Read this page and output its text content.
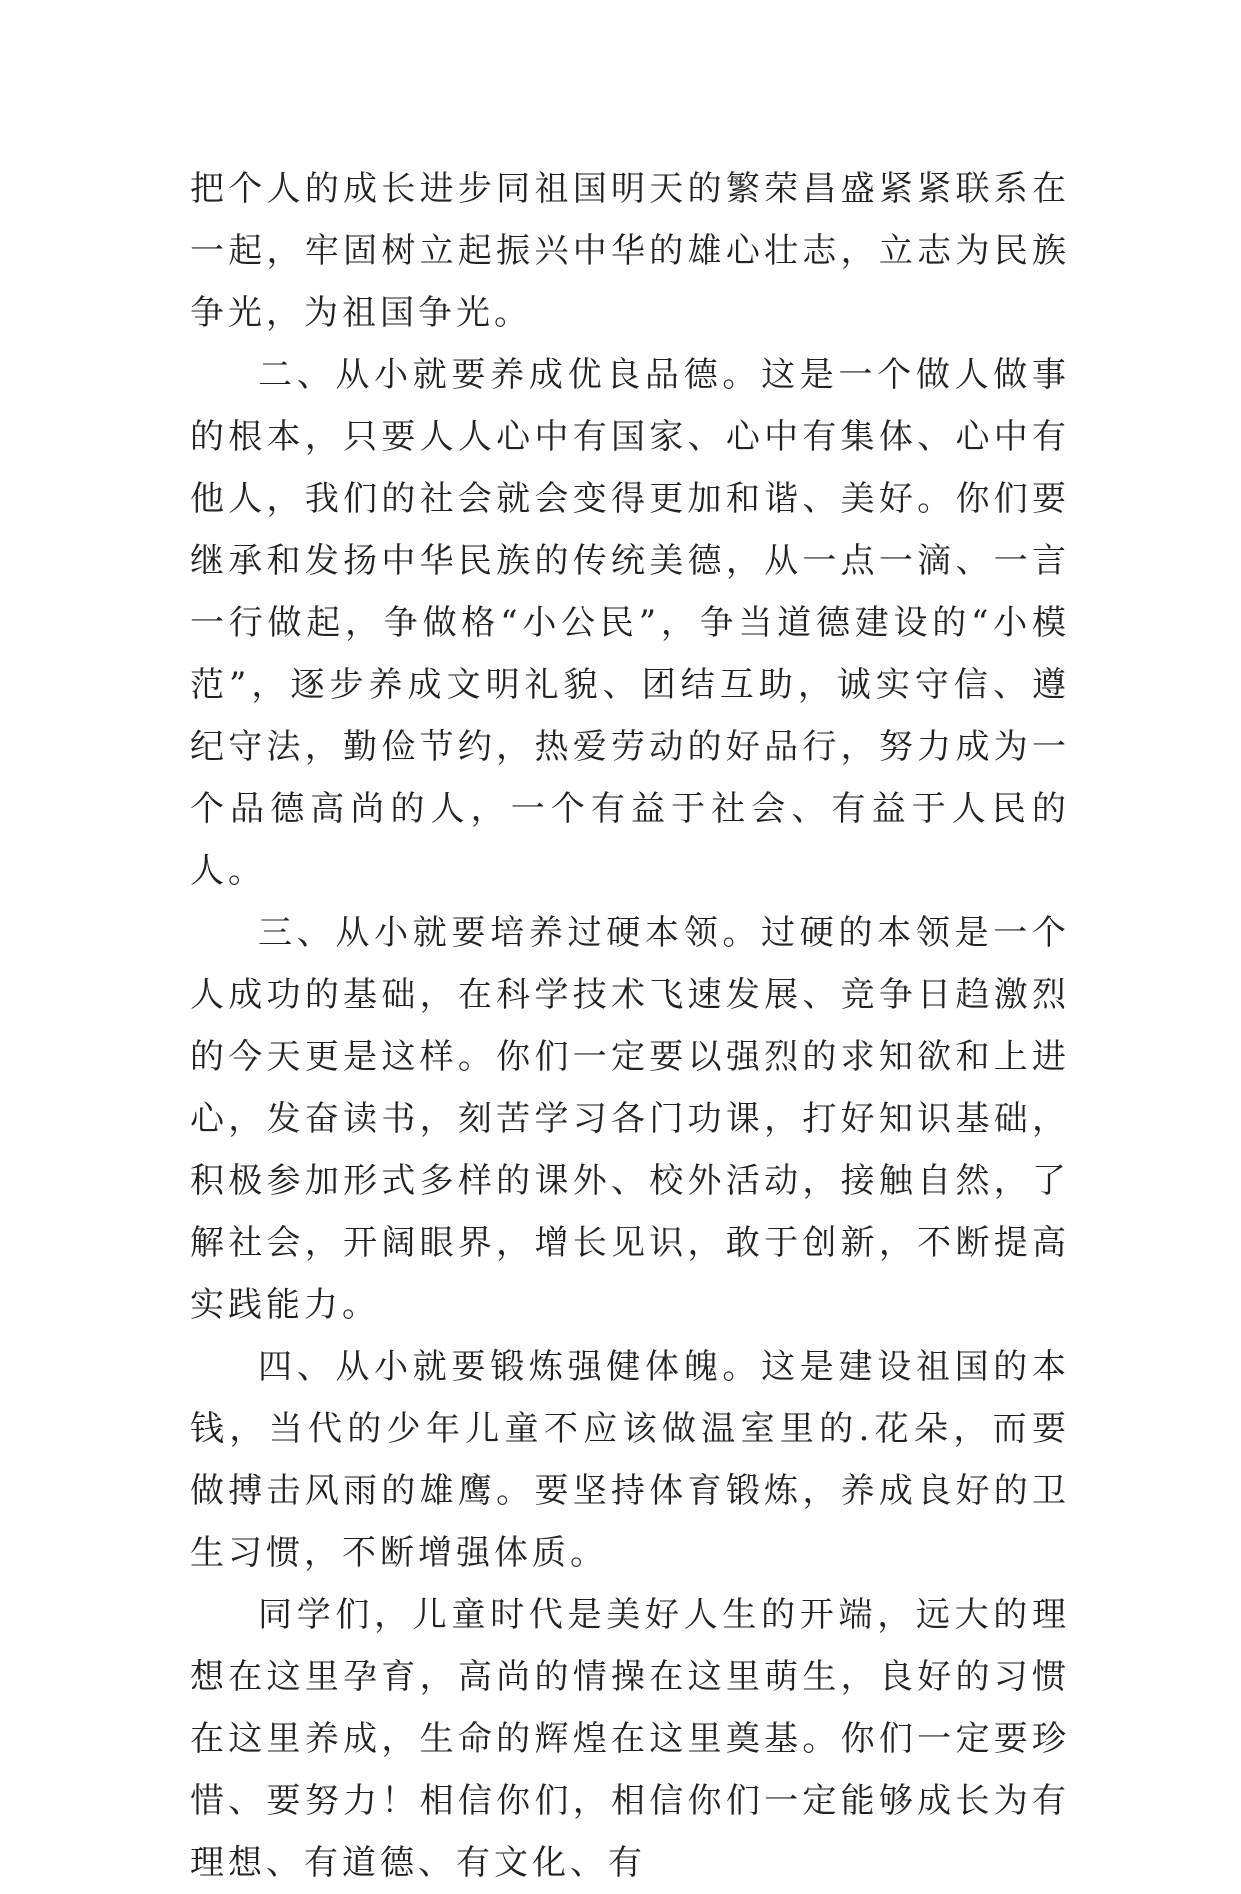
把个人的成长进步同祖国明天的繁荣昌盛紧紧联系在一起，牢固树立起振兴中华的雄心壮志，立志为民族争光，为祖国争光。

二、从小就要养成优良品德。这是一个做人做事的根本，只要人人心中有国家、心中有集体、心中有他人，我们的社会就会变得更加和谐、美好。你们要继承和发扬中华民族的传统美德，从一点一滴、一言一行做起，争做格“小公民”，争当道德建设的“小模范”，逐步养成文明礼貌、团结互助，诚实守信、遵纪守法，勤俭节约，热爱劳动的好品行，努力成为一个品德高尚的人，一个有益于社会、有益于人民的人。

三、从小就要培养过硬本领。过硬的本领是一个人成功的基础，在科学技术飞速发展、竞争日趋激烈的今天更是这样。你们一定要以强烈的求知欲和上进心，发奋读书，刻苦学习各门功课，打好知识基础，积极参加形式多样的课外、校外活动，接触自然，了解社会，开阔眼界，增长见识，敢于创新，不断提高实践能力。

四、从小就要锻炼强健体魄。这是建设祖国的本钱，当代的少年儿童不应该做温室里的.花朵，而要做搏击风雨的雄鹰。要坚持体育锻炼，养成良好的卫生习惯，不断增强体质。

同学们，儿童时代是美好人生的开端，远大的理想在这里孕育，高尚的情操在这里萌生，良好的习惯在这里养成，生命的辉煌在这里奠基。你们一定要珍惜、要努力！相信你们，相信你们一定能够成长为有理想、有道德、有文化、有
